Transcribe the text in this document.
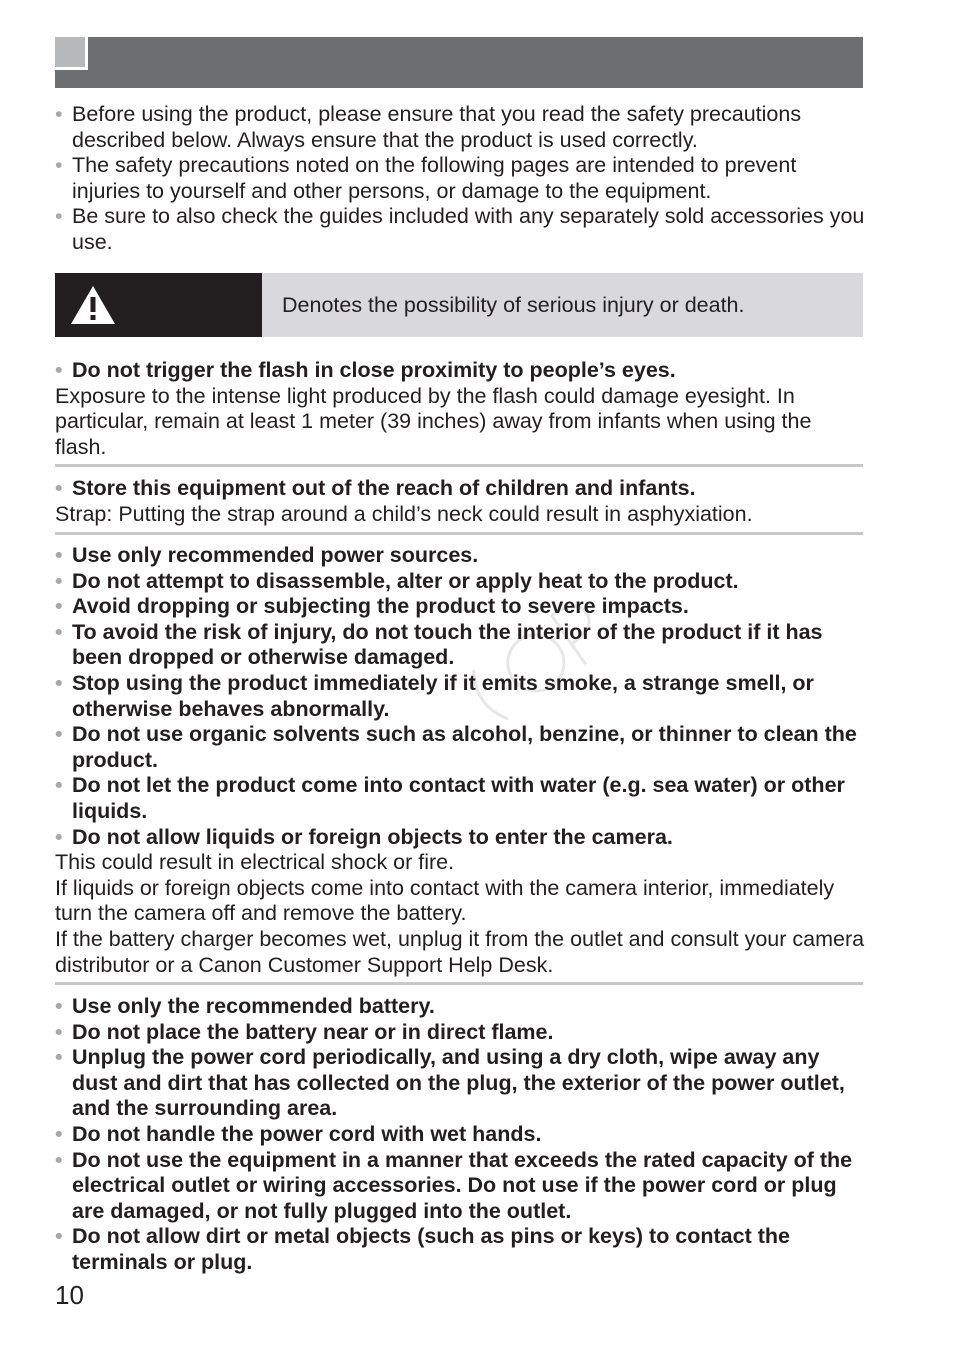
• Before using the product, please ensure that you read the safety precautions described below. Always ensure that the product is used correctly.
• The safety precautions noted on the following pages are intended to prevent injuries to yourself and other persons, or damage to the equipment.
• Be sure to also check the guides included with any separately sold accessories you use.
Denotes the possibility of serious injury or death.
• Do not trigger the flash in close proximity to people’s eyes.
Exposure to the intense light produced by the flash could damage eyesight. In particular, remain at least 1 meter (39 inches) away from infants when using the flash.
• Store this equipment out of the reach of children and infants.
Strap: Putting the strap around a child’s neck could result in asphyxiation.
• Use only recommended power sources.
• Do not attempt to disassemble, alter or apply heat to the product.
• Avoid dropping or subjecting the product to severe impacts.
• To avoid the risk of injury, do not touch the interior of the product if it has been dropped or otherwise damaged.
• Stop using the product immediately if it emits smoke, a strange smell, or otherwise behaves abnormally.
• Do not use organic solvents such as alcohol, benzine, or thinner to clean the product.
• Do not let the product come into contact with water (e.g. sea water) or other liquids.
• Do not allow liquids or foreign objects to enter the camera.
This could result in electrical shock or fire.
If liquids or foreign objects come into contact with the camera interior, immediately turn the camera off and remove the battery.
If the battery charger becomes wet, unplug it from the outlet and consult your camera distributor or a Canon Customer Support Help Desk.
• Use only the recommended battery.
• Do not place the battery near or in direct flame.
• Unplug the power cord periodically, and using a dry cloth, wipe away any dust and dirt that has collected on the plug, the exterior of the power outlet, and the surrounding area.
• Do not handle the power cord with wet hands.
• Do not use the equipment in a manner that exceeds the rated capacity of the electrical outlet or wiring accessories. Do not use if the power cord or plug are damaged, or not fully plugged into the outlet.
• Do not allow dirt or metal objects (such as pins or keys) to contact the terminals or plug.
10
